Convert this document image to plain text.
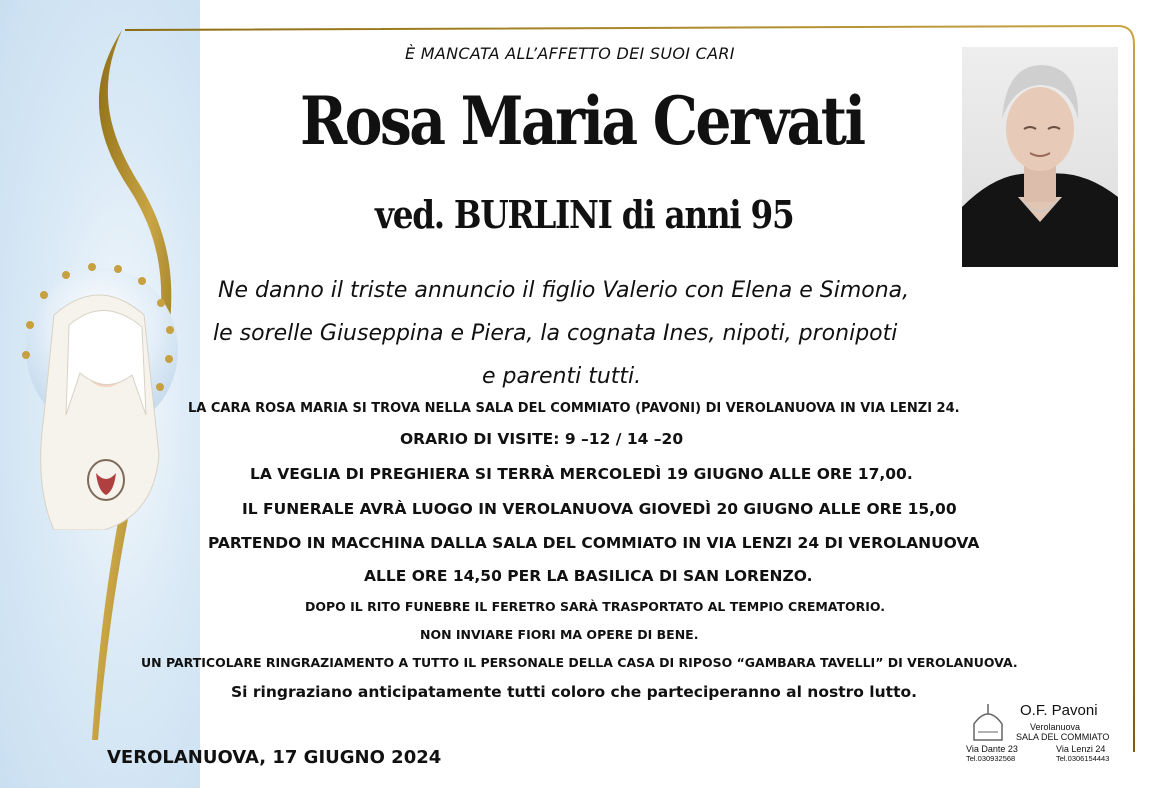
È MANCATA ALL’AFFETTO DEI SUOI CARI
Rosa Maria Cervati
ved. BURLINI di anni 95
Ne danno il triste annuncio il figlio Valerio con Elena e Simona,
le sorelle Giuseppina e Piera, la cognata Ines, nipoti, pronipoti
e parenti tutti.
LA CARA ROSA MARIA SI TROVA NELLA SALA DEL COMMIATO (PAVONI) DI VEROLANUOVA IN VIA LENZI 24.
ORARIO DI VISITE: 9 –12 / 14 –20
LA VEGLIA DI PREGHIERA SI TERRÀ MERCOLEDÌ 19 GIUGNO ALLE ORE 17,00.
IL FUNERALE AVRÀ LUOGO IN VEROLANUOVA GIOVEDÌ 20 GIUGNO ALLE ORE 15,00
PARTENDO IN MACCHINA DALLA SALA DEL COMMIATO IN VIA LENZI 24 DI VEROLANUOVA
ALLE ORE 14,50 PER LA BASILICA DI SAN LORENZO.
DOPO IL RITO FUNEBRE IL FERETRO SARÀ TRASPORTATO AL TEMPIO CREMATORIO.
NON INVIARE FIORI MA OPERE DI BENE.
UN PARTICOLARE RINGRAZIAMENTO A TUTTO IL PERSONALE DELLA CASA DI RIPOSO “GAMBARA TAVELLI” DI VEROLANUOVA.
Si ringraziano anticipatamente tutti coloro che parteciperanno al nostro lutto.
VEROLANUOVA, 17 GIUGNO 2024
O.F. Pavoni
Verolanuova
SALA DEL COMMIATO
Via Dante 23
Tel.030932568
Via Lenzi 24
Tel.0306154443
